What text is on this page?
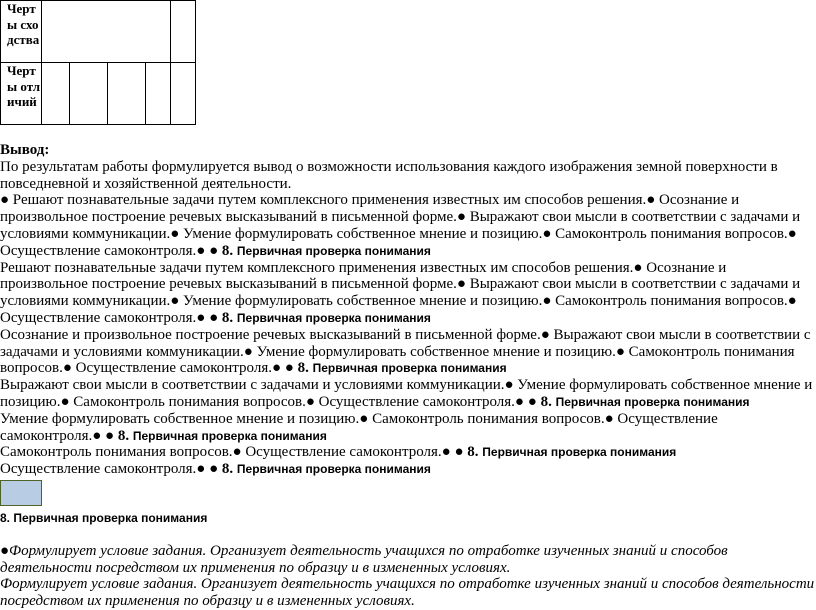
Черты сходства					
Черты отличий					

Вывод:

По результатам работы формулируется вывод о возможности использования каждого изображения земной поверхности в повседневной и хозяйственной деятельности.

● Решают познавательные задачи путем комплексного применения известных им способов решения.● Осознание и произвольное построение речевых высказываний в письменной форме.● Выражают свои мысли в соответствии с задачами и условиями коммуникации.● Умение формулировать собственное мнение и позицию.● Самоконтроль понимания вопросов.● Осуществление самоконтроля.● ● 8. Первичная проверка понимания

Решают познавательные задачи путем комплексного применения известных им способов решения.● Осознание и произвольное построение речевых высказываний в письменной форме.● Выражают свои мысли в соответствии с задачами и условиями коммуникации.● Умение формулировать собственное мнение и позицию.● Самоконтроль понимания вопросов.● Осуществление самоконтроля.● ● 8. Первичная проверка понимания

Осознание и произвольное построение речевых высказываний в письменной форме.● Выражают свои мысли в соответствии с задачами и условиями коммуникации.● Умение формулировать собственное мнение и позицию.● Самоконтроль понимания вопросов.● Осуществление самоконтроля.● ● 8. Первичная проверка понимания

Выражают свои мысли в соответствии с задачами и условиями коммуникации.● Умение формулировать собственное мнение и позицию.● Самоконтроль понимания вопросов.● Осуществление самоконтроля.● ● 8. Первичная проверка понимания

Умение формулировать собственное мнение и позицию.● Самоконтроль понимания вопросов.● Осуществление самоконтроля.● ● 8. Первичная проверка понимания

Самоконтроль понимания вопросов.● Осуществление самоконтроля.● ● 8. Первичная проверка понимания

Осуществление самоконтроля.● ● 8. Первичная проверка понимания

8. Первичная проверка понимания

●Формулирует условие задания. Организует деятельность учащихся по отработке изученных знаний и способов деятельности посредством их применения по образцу и в измененных условиях.

Формулирует условие задания. Организует деятельность учащихся по отработке изученных знаний и способов деятельности посредством их применения по образцу и в измененных условиях.
